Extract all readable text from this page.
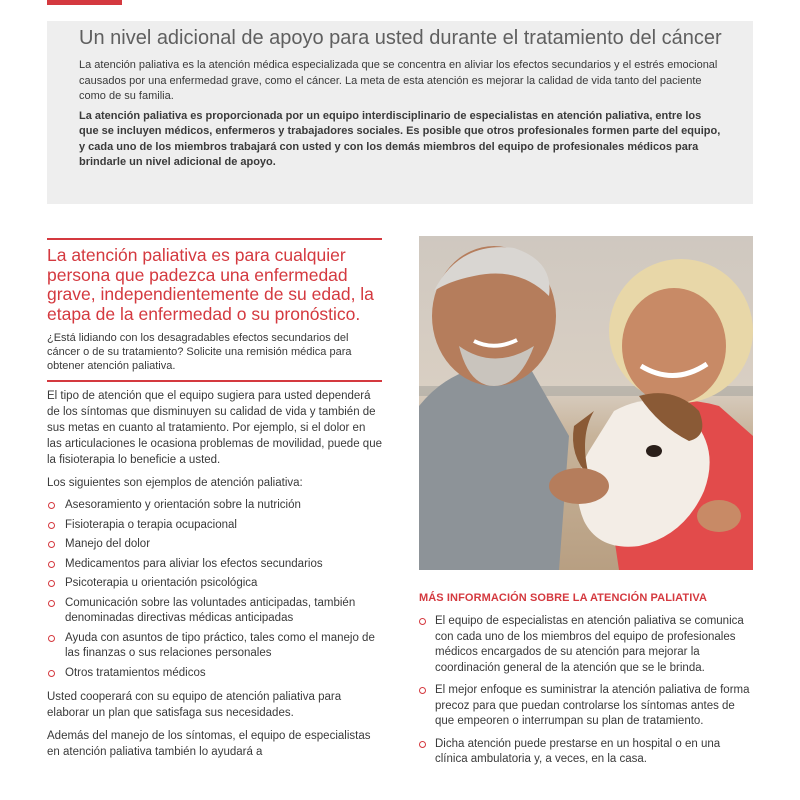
Un nivel adicional de apoyo para usted durante el tratamiento del cáncer

La atención paliativa es la atención médica especializada que se concentra en aliviar los efectos secundarios y el estrés emocional causados por una enfermedad grave, como el cáncer. La meta de esta atención es mejorar la calidad de vida tanto del paciente como de su familia.

La atención paliativa es proporcionada por un equipo interdisciplinario de especialistas en atención paliativa, entre los que se incluyen médicos, enfermeros y trabajadores sociales. Es posible que otros profesionales formen parte del equipo, y cada uno de los miembros trabajará con usted y con los demás miembros del equipo de profesionales médicos para brindarle un nivel adicional de apoyo.

La atención paliativa es para cualquier persona que padezca una enfermedad grave, independientemente de su edad, la etapa de la enfermedad o su pronóstico.

¿Está lidiando con los desagradables efectos secundarios del cáncer o de su tratamiento? Solicite una remisión médica para obtener atención paliativa.

El tipo de atención que el equipo sugiera para usted dependerá de los síntomas que disminuyen su calidad de vida y también de sus metas en cuanto al tratamiento. Por ejemplo, si el dolor en las articulaciones le ocasiona problemas de movilidad, puede que la fisioterapia lo beneficie a usted.

Los siguientes son ejemplos de atención paliativa:

Asesoramiento y orientación sobre la nutrición
Fisioterapia o terapia ocupacional
Manejo del dolor
Medicamentos para aliviar los efectos secundarios
Psicoterapia u orientación psicológica
Comunicación sobre las voluntades anticipadas, también denominadas directivas médicas anticipadas
Ayuda con asuntos de tipo práctico, tales como el manejo de las finanzas o sus relaciones personales
Otros tratamientos médicos

Usted cooperará con su equipo de atención paliativa para elaborar un plan que satisfaga sus necesidades.

Además del manejo de los síntomas, el equipo de especialistas en atención paliativa también lo ayudará a

MÁS INFORMACIÓN SOBRE LA ATENCIÓN PALIATIVA
El equipo de especialistas en atención paliativa se comunica con cada uno de los miembros del equipo de profesionales médicos encargados de su atención para mejorar la coordinación general de la atención que se le brinda.
El mejor enfoque es suministrar la atención paliativa de forma precoz para que puedan controlarse los síntomas antes de que empeoren o interrumpan su plan de tratamiento.
Dicha atención puede prestarse en un hospital o en una clínica ambulatoria y, a veces, en la casa.
